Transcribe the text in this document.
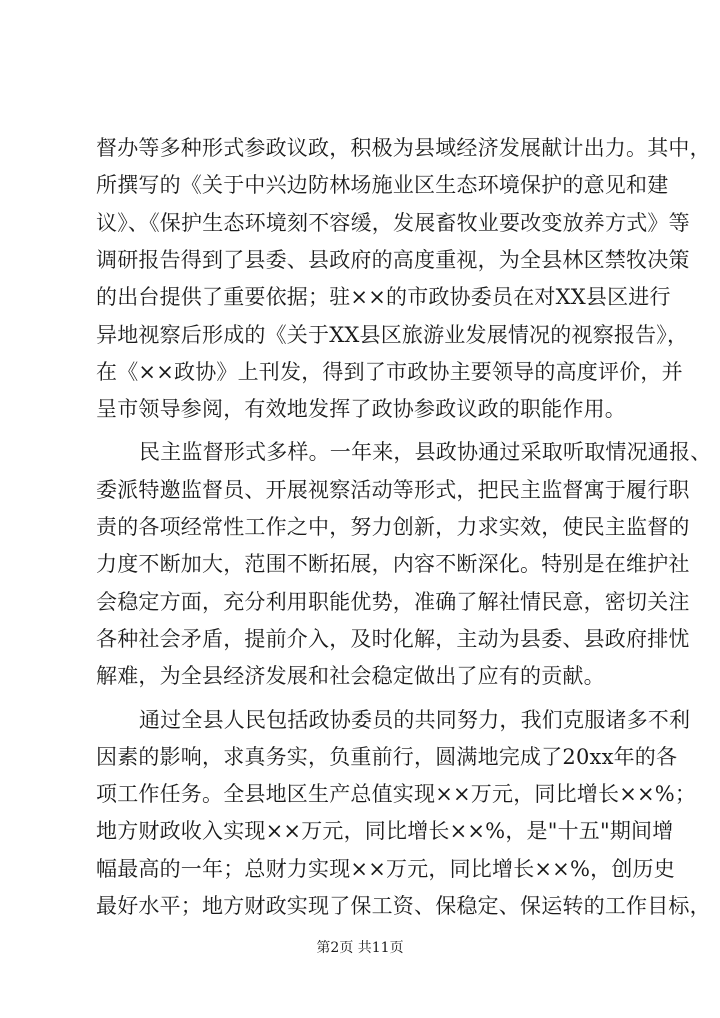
督办等多种形式参政议政，积极为县域经济发展献计出力。其中，
所撰写的《关于中兴边防林场施业区生态环境保护的意见和建
议》、《保护生态环境刻不容缓，发展畜牧业要改变放养方式》等
调研报告得到了县委、县政府的高度重视，为全县林区禁牧决策
的出台提供了重要依据；驻××的市政协委员在对XX县区进行
异地视察后形成的《关于XX县区旅游业发展情况的视察报告》，
在《××政协》上刊发，得到了市政协主要领导的高度评价，并
呈市领导参阅，有效地发挥了政协参政议政的职能作用。
民主监督形式多样。一年来，县政协通过采取听取情况通报、
委派特邀监督员、开展视察活动等形式，把民主监督寓于履行职
责的各项经常性工作之中，努力创新，力求实效，使民主监督的
力度不断加大，范围不断拓展，内容不断深化。特别是在维护社
会稳定方面，充分利用职能优势，准确了解社情民意，密切关注
各种社会矛盾，提前介入，及时化解，主动为县委、县政府排忧
解难，为全县经济发展和社会稳定做出了应有的贡献。
通过全县人民包括政协委员的共同努力，我们克服诸多不利
因素的影响，求真务实，负重前行，圆满地完成了20xx年的各
项工作任务。全县地区生产总值实现××万元，同比增长××%；
地方财政收入实现××万元，同比增长××%，是"十五"期间增
幅最高的一年；总财力实现××万元，同比增长××%，创历史
第2页 共11页
最好水平；地方财政实现了保工资、保稳定、保运转的工作目标，
